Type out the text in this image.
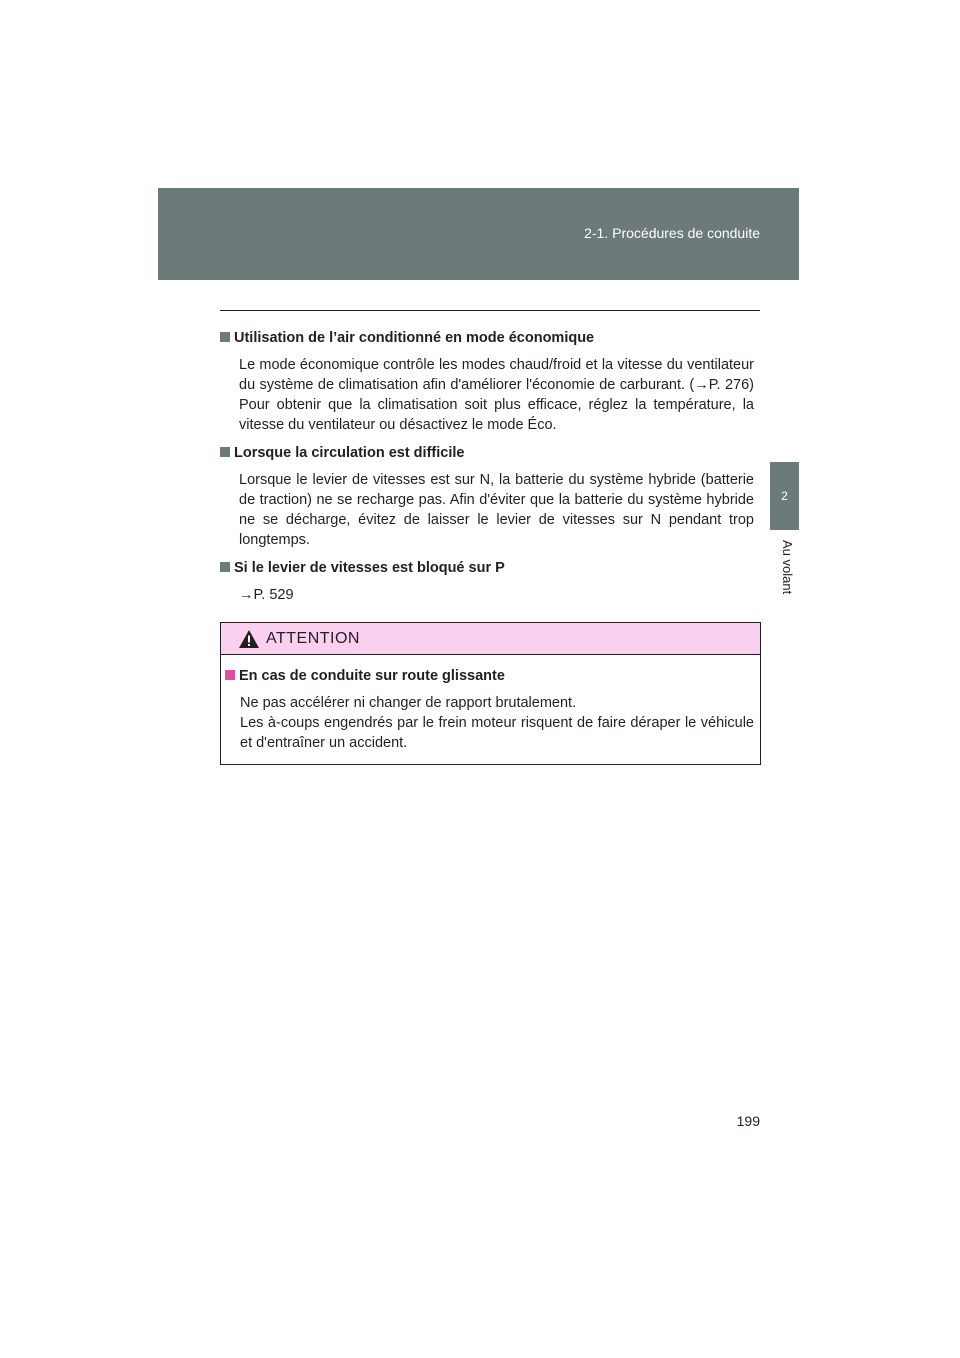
2-1. Procédures de conduite
2
Au volant
Utilisation de l’air conditionné en mode économique
Le mode économique contrôle les modes chaud/froid et la vitesse du ventilateur du système de climatisation afin d'améliorer l'économie de carburant. (→P. 276) Pour obtenir que la climatisation soit plus efficace, réglez la température, la vitesse du ventilateur ou désactivez le mode Éco.
Lorsque la circulation est difficile
Lorsque le levier de vitesses est sur N, la batterie du système hybride (batterie de traction) ne se recharge pas. Afin d'éviter que la batterie du système hybride ne se décharge, évitez de laisser le levier de vitesses sur N pendant trop longtemps.
Si le levier de vitesses est bloqué sur P
→P. 529
ATTENTION
En cas de conduite sur route glissante
Ne pas accélérer ni changer de rapport brutalement.
Les à-coups engendrés par le frein moteur risquent de faire déraper le véhicule et d'entraîner un accident.
199
